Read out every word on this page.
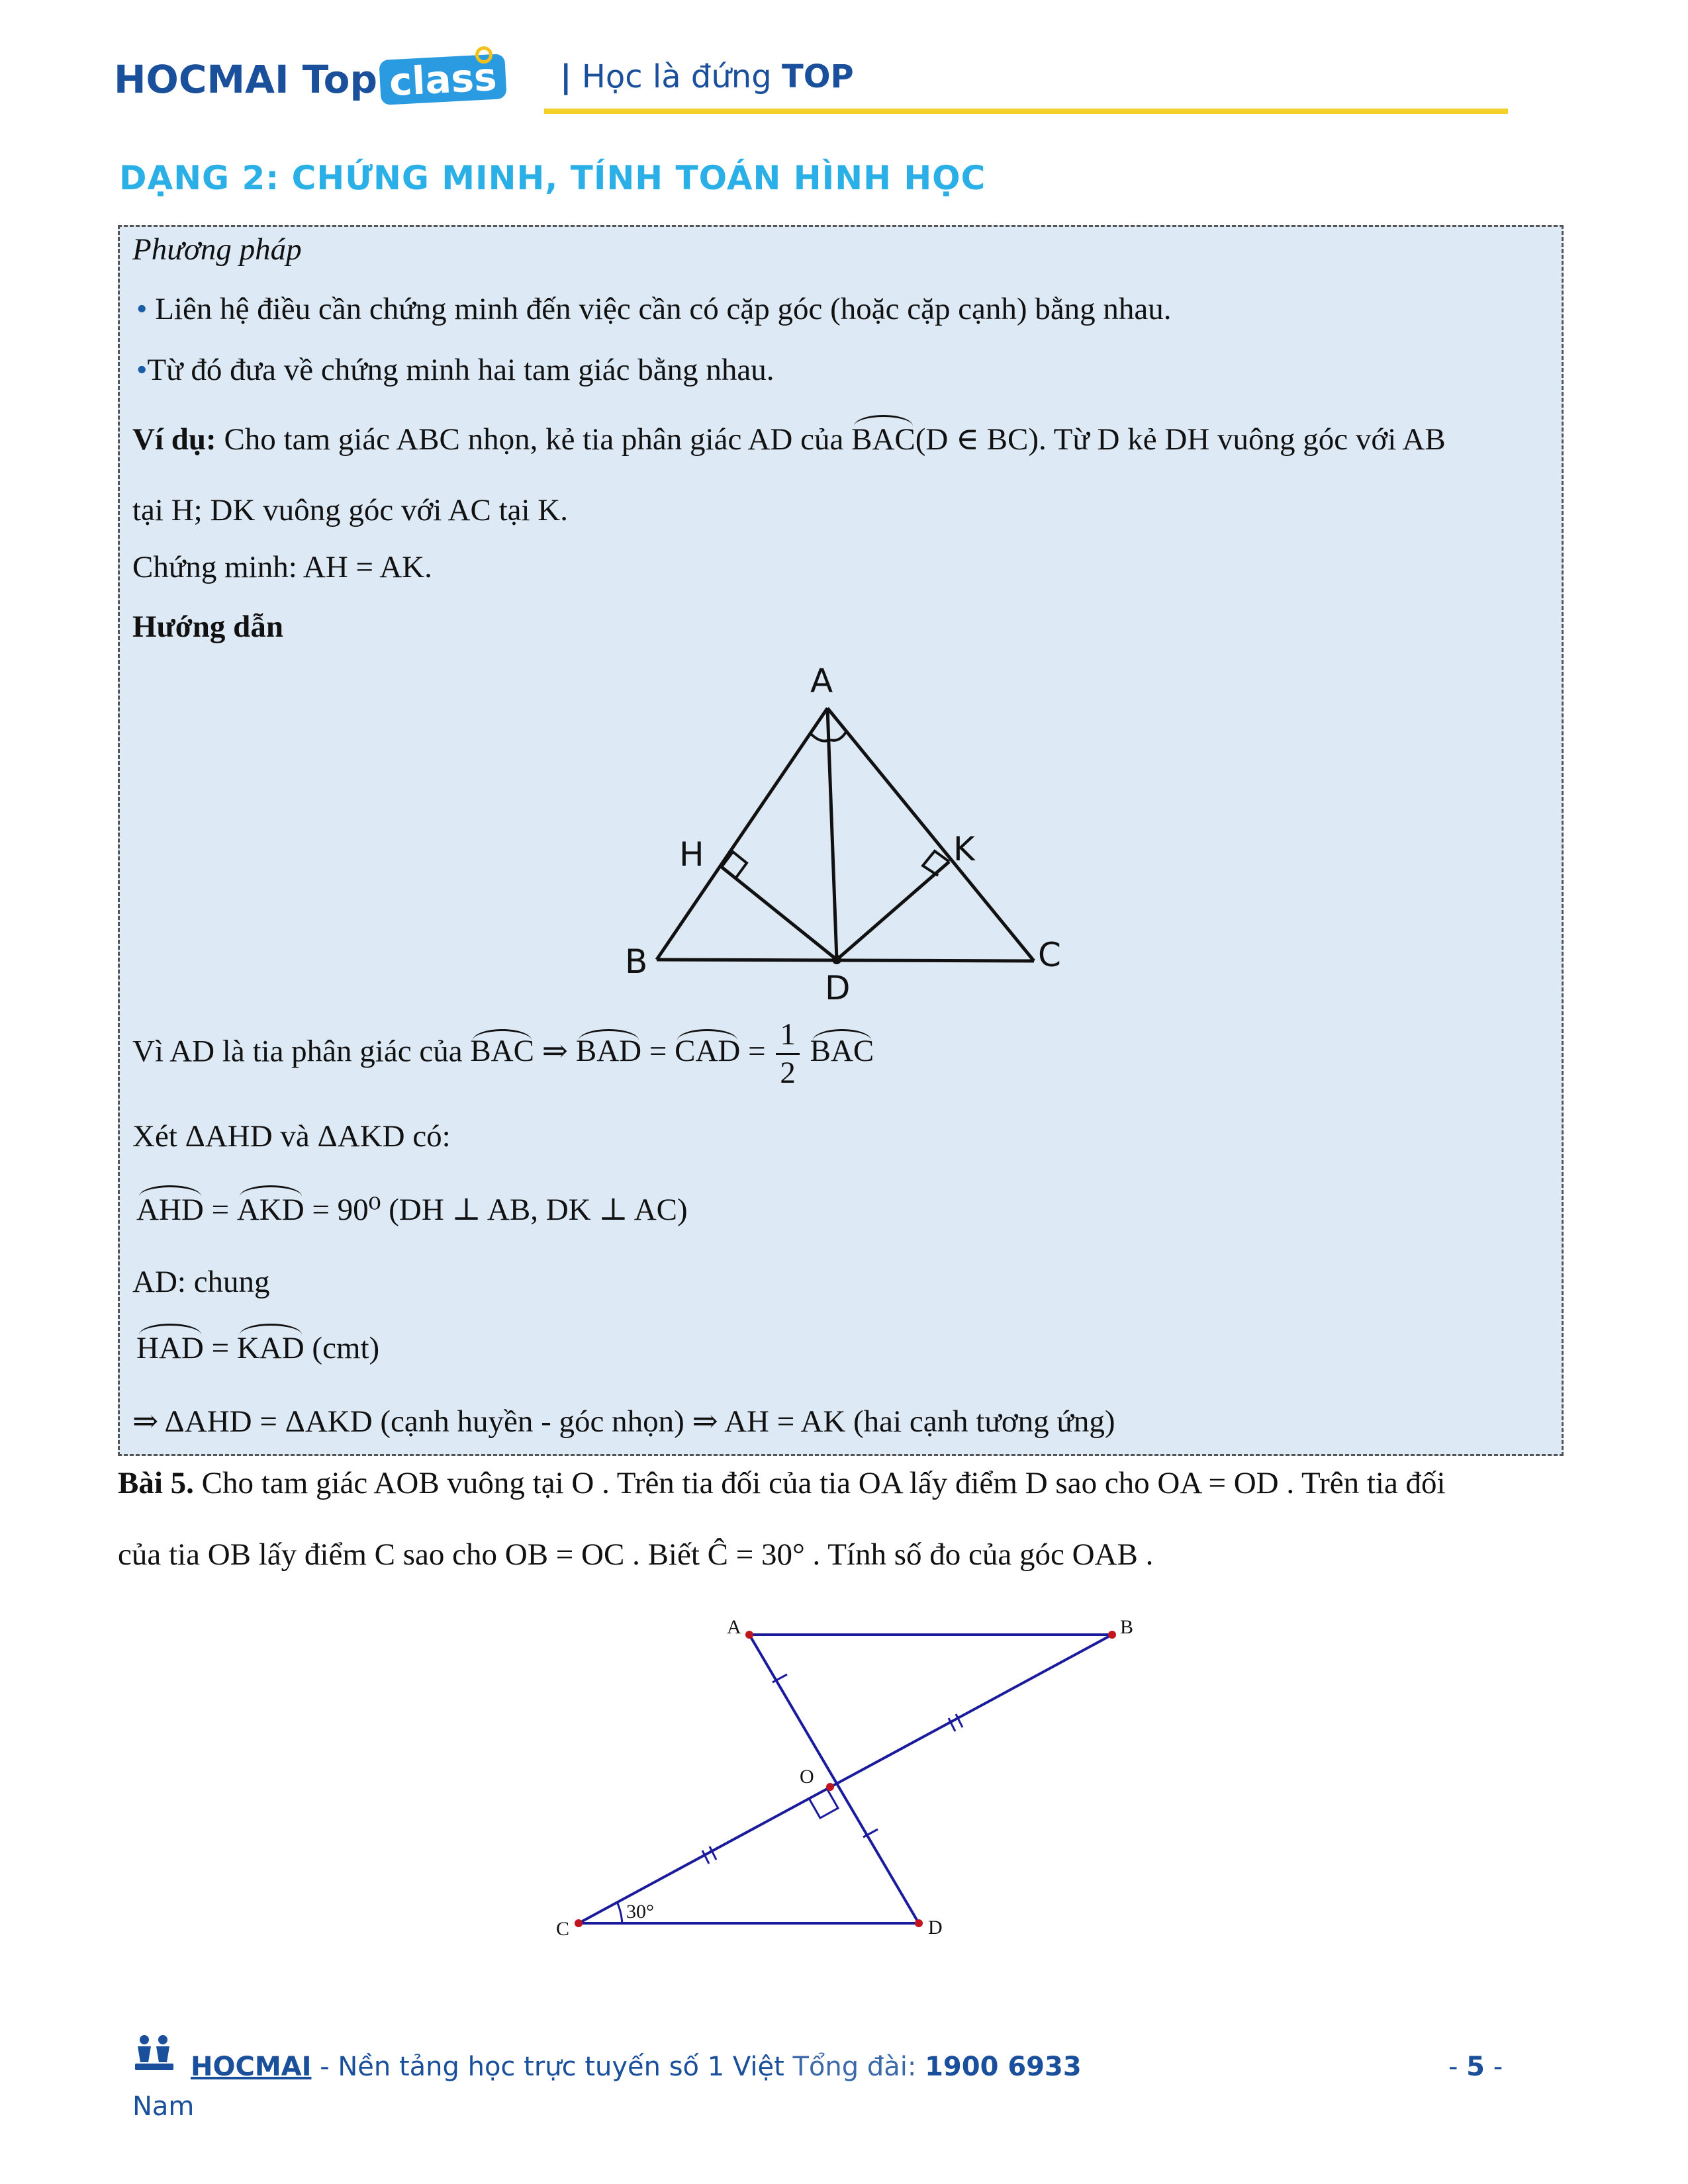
HOCMAI Top class | Học là đứng TOP
DẠNG 2: CHỨNG MINH, TÍNH TOÁN HÌNH HỌC
Phương pháp
• Liên hệ điều cần chứng minh đến việc cần có cặp góc (hoặc cặp cạnh) bằng nhau.
•Từ đó đưa về chứng minh hai tam giác bằng nhau.
Ví dụ: Cho tam giác ABC nhọn, kẻ tia phân giác AD của BAC(D ∈ BC). Từ D kẻ DH vuông góc với AB
tại H; DK vuông góc với AC tại K.
Chứng minh: AH = AK.
Hướng dẫn
A
B	C
D
H	K
Vì AD là tia phân giác của BAC ⇒ BAD = CAD = $\frac{1}{2}$ BAC
Xét ΔAHD và ΔAKD có:
AHD = AKD = 90⁰ (DH ⊥ AB, DK ⊥ AC)
AD: chung
HAD = KAD (cmt)
⇒ ΔAHD = ΔAKD (cạnh huyền - góc nhọn) ⇒ AH = AK (hai cạnh tương ứng)
Bài 5. Cho tam giác AOB vuông tại O . Trên tia đối của tia OA lấy điểm D sao cho OA = OD . Trên tia đối
của tia OB lấy điểm C sao cho OB = OC . Biết Ĉ = 30° . Tính số đo của góc OAB .
A	B
C	D
O
30°
HOCMAI - Nền tảng học trực tuyến số 1 Việt Tổng đài: 1900 6933
Nam
- 5 -
